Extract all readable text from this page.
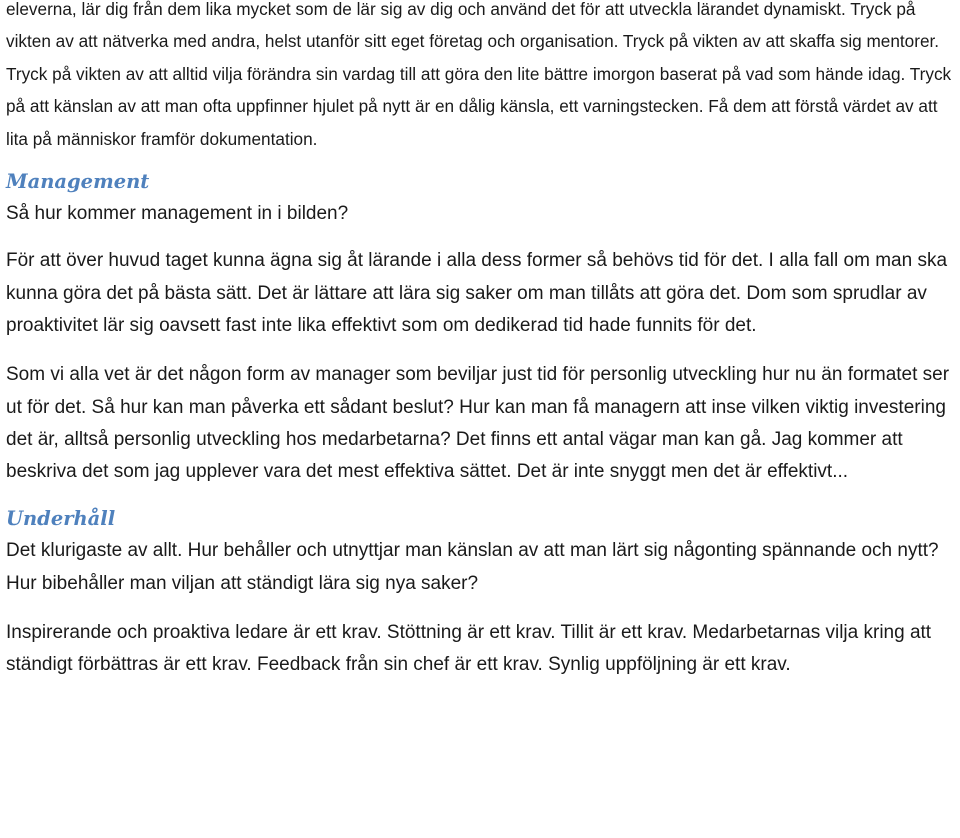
eleverna, lär dig från dem lika mycket som de lär sig av dig och använd det för att utveckla lärandet dynamiskt. Tryck på vikten av att nätverka med andra, helst utanför sitt eget företag och organisation. Tryck på vikten av att skaffa sig mentorer. Tryck på vikten av att alltid vilja förändra sin vardag till att göra den lite bättre imorgon baserat på vad som hände idag. Tryck på att känslan av att man ofta uppfinner hjulet på nytt är en dålig känsla, ett varningstecken. Få dem att förstå värdet av att lita på människor framför dokumentation.

Management

Så hur kommer management in i bilden?

För att över huvud taget kunna ägna sig åt lärande i alla dess former så behövs tid för det. I alla fall om man ska kunna göra det på bästa sätt. Det är lättare att lära sig saker om man tillåts att göra det. Dom som sprudlar av proaktivitet lär sig oavsett fast inte lika effektivt som om dedikerad tid hade funnits för det.

Som vi alla vet är det någon form av manager som beviljar just tid för personlig utveckling hur nu än formatet ser ut för det. Så hur kan man påverka ett sådant beslut? Hur kan man få managern att inse vilken viktig investering det är, alltså personlig utveckling hos medarbetarna? Det finns ett antal vägar man kan gå. Jag kommer att beskriva det som jag upplever vara det mest effektiva sättet. Det är inte snyggt men det är effektivt...

Underhåll

Det klurigaste av allt. Hur behåller och utnyttjar man känslan av att man lärt sig någonting spännande och nytt? Hur bibehåller man viljan att ständigt lära sig nya saker?

Inspirerande och proaktiva ledare är ett krav. Stöttning är ett krav. Tillit är ett krav. Medarbetarnas vilja kring att ständigt förbättras är ett krav. Feedback från sin chef är ett krav. Synlig uppföljning är ett krav.
